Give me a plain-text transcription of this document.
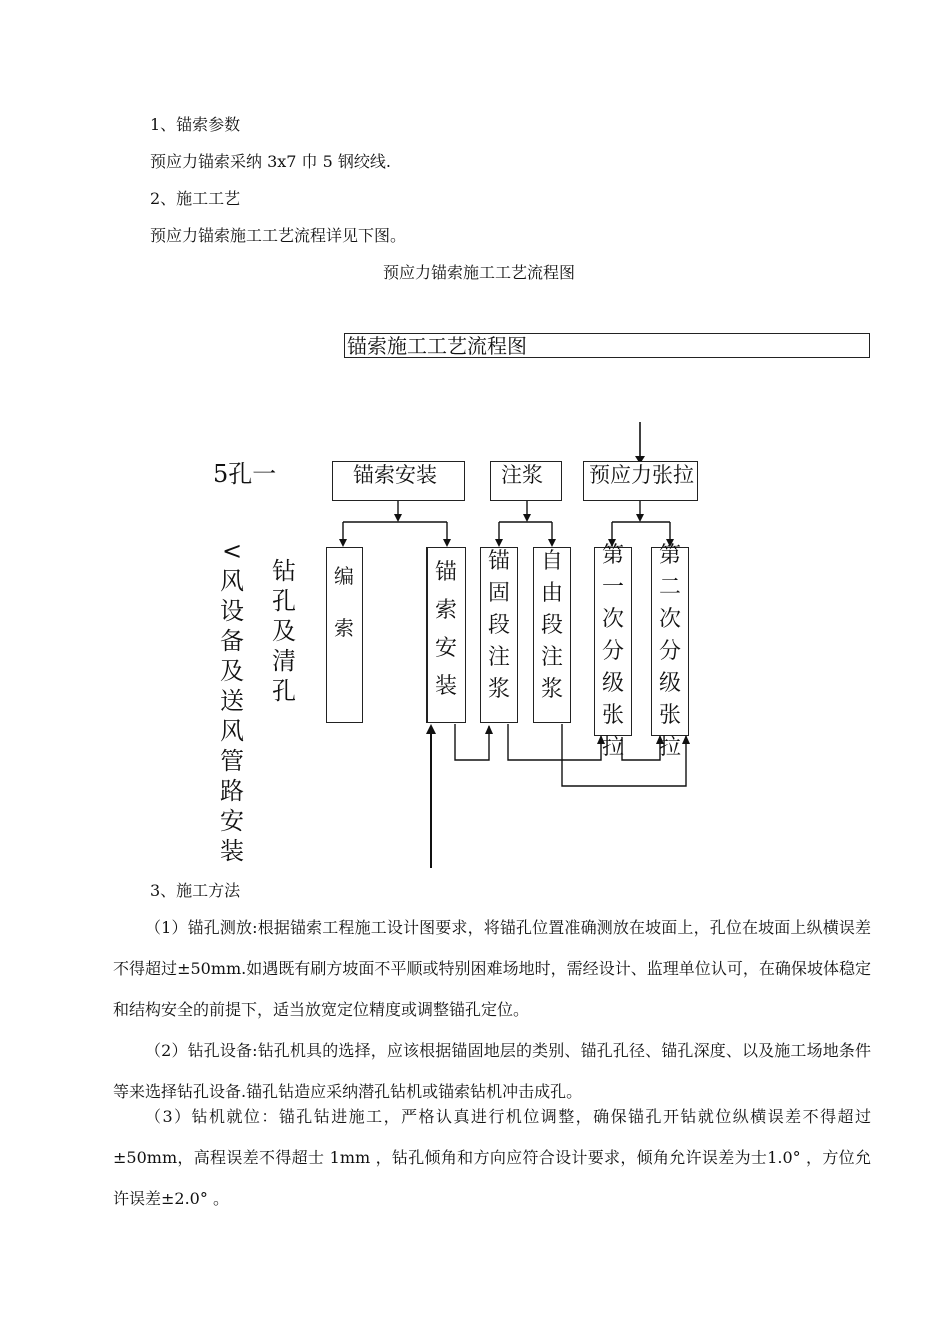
1、锚索参数
预应力锚索采纳 3x7 巾 5 钢绞线.
2、施工工艺
预应力锚索施工工艺流程详见下图。
预应力锚索施工工艺流程图
锚索施工工艺流程图
5孔一
<风设备及送风管路安装
钻孔及清孔
锚索安装	注浆 预应力张拉
编索
锚索安装
锚固段注浆
自由段注浆
第一次分级张拉
第二次分级张拉
3、施工方法
（1）锚孔测放:根据锚索工程施工设计图要求，将锚孔位置准确测放在坡面上，孔位在坡面上纵横误差不得超过±50mm.如遇既有刷方坡面不平顺或特别困难场地时，需经设计、监理单位认可，在确保坡体稳定和结构安全的前提下，适当放宽定位精度或调整锚孔定位。
（2）钻孔设备:钻孔机具的选择，应该根据锚固地层的类别、锚孔孔径、锚孔深度、以及施工场地条件等来选择钻孔设备.锚孔钻造应采纳潜孔钻机或锚索钻机冲击成孔。
（3）钻机就位：锚孔钻进施工，严格认真进行机位调整，确保锚孔开钻就位纵横误差不得超过±50mm，高程误差不得超士 1mm ，钻孔倾角和方向应符合设计要求，倾角允许误差为士1.0° ，方位允许误差±2.0° 。
